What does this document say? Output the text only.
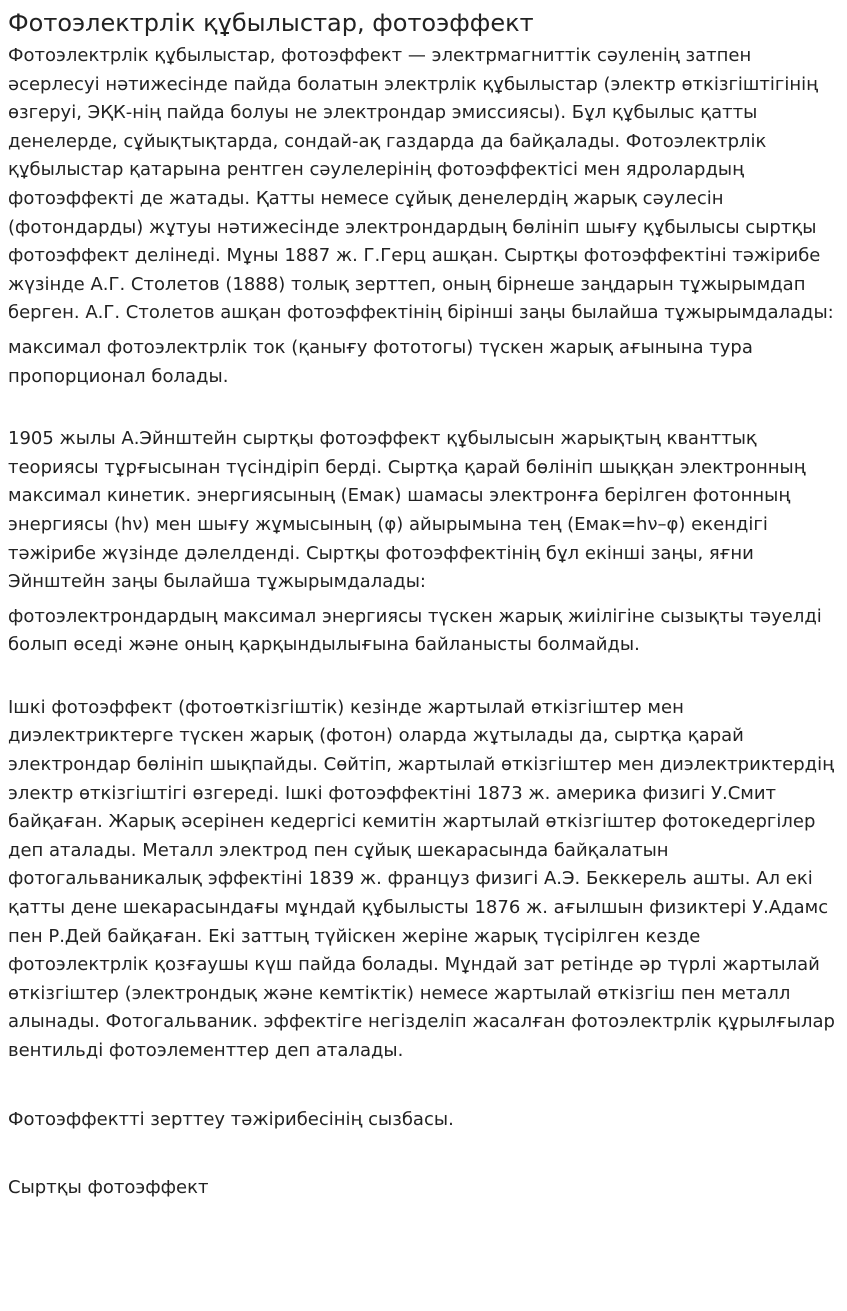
Фотоэлектрлік құбылыстар, фотоэффект

Фотоэлектрлік құбылыстар, фотоэффект — электрмагниттік сәуленің затпен әсерлесуі нәтижесінде пайда болатын электрлік құбылыстар (электр өткізгіштігінің өзгеруі, ЭҚК-нің пайда болуы не электрондар эмиссиясы). Бұл құбылыс қатты денелерде, сұйықтықтарда, сондай-ақ газдарда да байқалады. Фотоэлектрлік құбылыстар қатарына рентген сәулелерінің фотоэффектісі мен ядролардың фотоэффекті де жатады. Қатты немесе сұйық денелердің жарық сәулесін (фотондарды) жұтуы нәтижесінде электрондардың бөлініп шығу құбылысы сыртқы фотоэффект делінеді. Мұны 1887 ж. Г.Герц ашқан. Сыртқы фотоэффектіні тәжірибе жүзінде А.Г. Столетов (1888) толық зерттеп, оның бірнеше заңдарын тұжырымдап берген. А.Г. Столетов ашқан фотоэффектінің бірінші заңы былайша тұжырымдалады:

максимал фотоэлектрлік ток (қанығу фототогы) түскен жарық ағынына тура пропорционал болады.

1905 жылы А.Эйнштейн сыртқы фотоэффект құбылысын жарықтың кванттық теориясы тұрғысынан түсіндіріп берді. Сыртқа қарай бөлініп шыққан электронның максимал кинетик. энергиясының (Емак) шамасы электронға берілген фотонның энергиясы (hν) мен шығу жұмысының (φ) айырымына тең (Емак=hν–φ) екендігі тәжірибе жүзінде дәлелденді. Сыртқы фотоэффектінің бұл екінші заңы, яғни Эйнштейн заңы былайша тұжырымдалады:

фотоэлектрондардың максимал энергиясы түскен жарық жиілігіне сызықты тәуелді болып өседі және оның қарқындылығына байланысты болмайды.

Ішкі фотоэффект (фотоөткізгіштік) кезінде жартылай өткізгіштер мен диэлектриктерге түскен жарық (фотон) оларда жұтылады да, сыртқа қарай электрондар бөлініп шықпайды. Сөйтіп, жартылай өткізгіштер мен диэлектриктердің электр өткізгіштігі өзгереді. Ішкі фотоэффектіні 1873 ж. америка физигі У.Смит байқаған. Жарық әсерінен кедергісі кемитін жартылай өткізгіштер фотокедергілер деп аталады. Металл электрод пен сұйық шекарасында байқалатын фотогальваникалық эффектіні 1839 ж. француз физигі А.Э. Беккерель ашты. Ал екі қатты дене шекарасындағы мұндай құбылысты 1876 ж. ағылшын физиктері У.Адамс пен Р.Дей байқаған. Екі заттың түйіскен жеріне жарық түсірілген кезде фотоэлектрлік қозғаушы күш пайда болады. Мұндай зат ретінде әр түрлі жартылай өткізгіштер (электрондық және кемтіктік) немесе жартылай өткізгіш пен металл алынады. Фотогальваник. эффектіге негізделіп жасалған фотоэлектрлік құрылғылар вентильді фотоэлементтер деп аталады.

Фотоэффектті зерттеу тәжірибесінің сызбасы.

Сыртқы фотоэффект
